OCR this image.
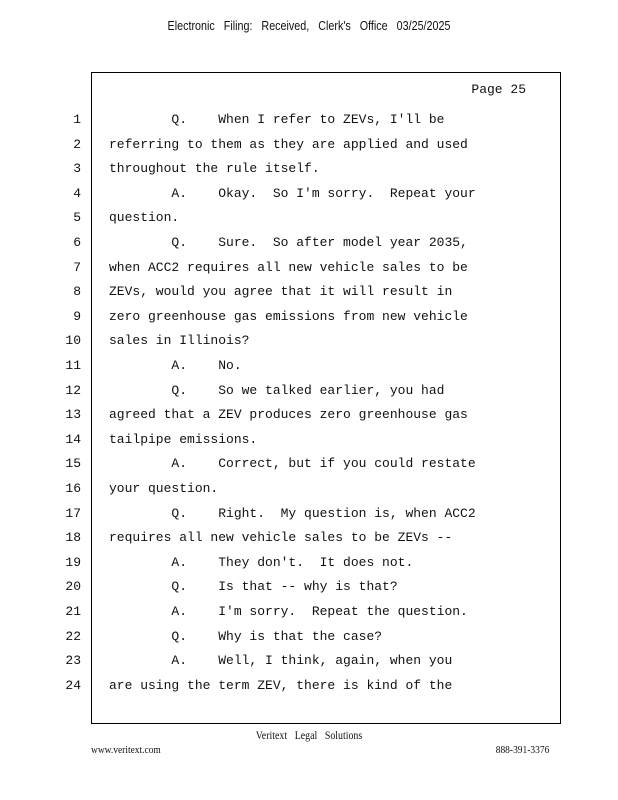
Electronic Filing: Received, Clerk's Office 03/25/2025
Page 25
1 Q.    When I refer to ZEVs, I'll be
2 referring to them as they are applied and used
3 throughout the rule itself.
4 A.    Okay.  So I'm sorry.  Repeat your
5 question.
6 Q.    Sure.  So after model year 2035,
7 when ACC2 requires all new vehicle sales to be
8 ZEVs, would you agree that it will result in
9 zero greenhouse gas emissions from new vehicle
10 sales in Illinois?
11 A.    No.
12 Q.    So we talked earlier, you had
13 agreed that a ZEV produces zero greenhouse gas
14 tailpipe emissions.
15 A.    Correct, but if you could restate
16 your question.
17 Q.    Right.  My question is, when ACC2
18 requires all new vehicle sales to be ZEVs --
19 A.    They don't.  It does not.
20 Q.    Is that -- why is that?
21 A.    I'm sorry.  Repeat the question.
22 Q.    Why is that the case?
23 A.    Well, I think, again, when you
24 are using the term ZEV, there is kind of the
Veritext Legal Solutions
www.veritext.com	888-391-3376
